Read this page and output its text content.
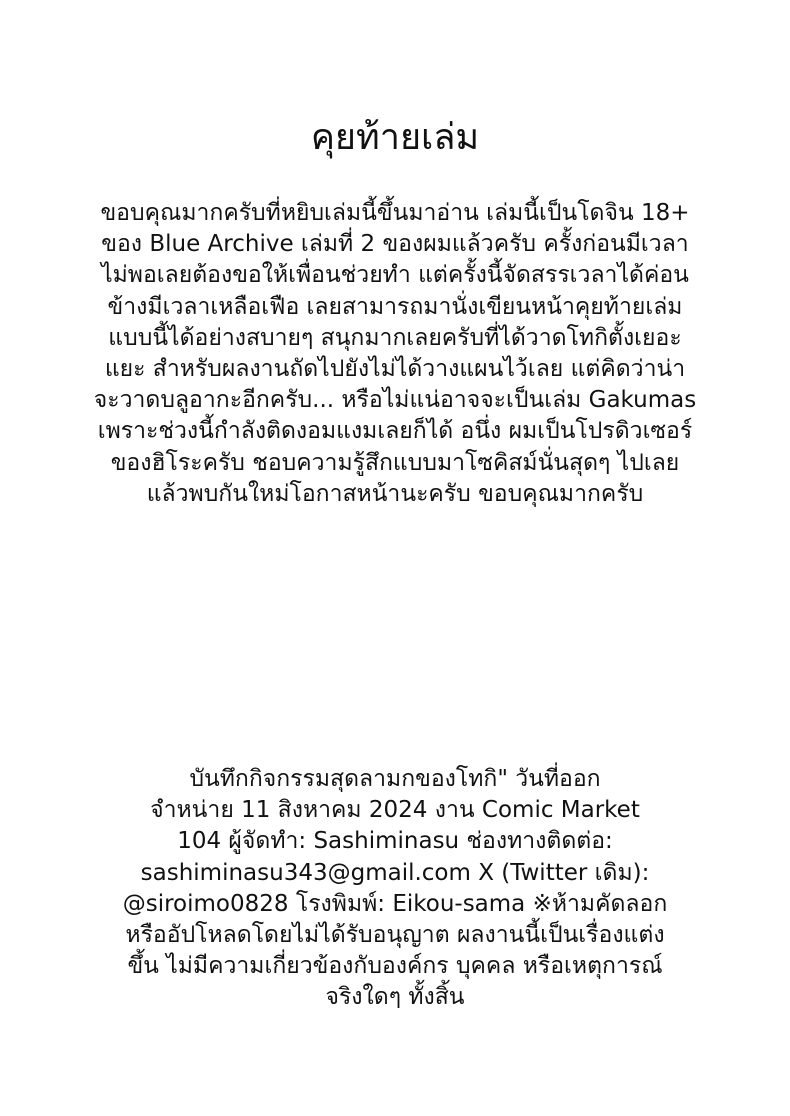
คุยท้ายเล่ม
ขอบคุณมากครับที่หยิบเล่มนี้ขึ้นมาอ่าน เล่มนี้เป็นโดจิน 18+
ของ Blue Archive เล่มที่ 2 ของผมแล้วครับ ครั้งก่อนมีเวลา
ไม่พอเลยต้องขอให้เพื่อนช่วยทำ แต่ครั้งนี้จัดสรรเวลาได้ค่อน
ข้างมีเวลาเหลือเฟือ เลยสามารถมานั่งเขียนหน้าคุยท้ายเล่ม
แบบนี้ได้อย่างสบายๆ สนุกมากเลยครับที่ได้วาดโทกิตั้งเยอะ
แยะ สำหรับผลงานถัดไปยังไม่ได้วางแผนไว้เลย แต่คิดว่าน่า
จะวาดบลูอากะอีกครับ... หรือไม่แน่อาจจะเป็นเล่ม Gakumas
เพราะช่วงนี้กำลังติดงอมแงมเลยก็ได้ อนึ่ง ผมเป็นโปรดิวเซอร์
ของฮิโระครับ ชอบความรู้สึกแบบมาโซคิสม์นั่นสุดๆ ไปเลย
แล้วพบกันใหม่โอกาสหน้านะครับ ขอบคุณมากครับ
บันทึกกิจกรรมสุดลามกของโทกิ" วันที่ออก
จำหน่าย 11 สิงหาคม 2024 งาน Comic Market
104 ผู้จัดทำ: Sashiminasu ช่องทางติดต่อ:
sashiminasu343@gmail.com X (Twitter เดิม):
@siroimo0828 โรงพิมพ์: Eikou-sama ※ห้ามคัดลอก
หรืออัปโหลดโดยไม่ได้รับอนุญาต ผลงานนี้เป็นเรื่องแต่ง
ขึ้น ไม่มีความเกี่ยวข้องกับองค์กร บุคคล หรือเหตุการณ์
จริงใดๆ ทั้งสิ้น
